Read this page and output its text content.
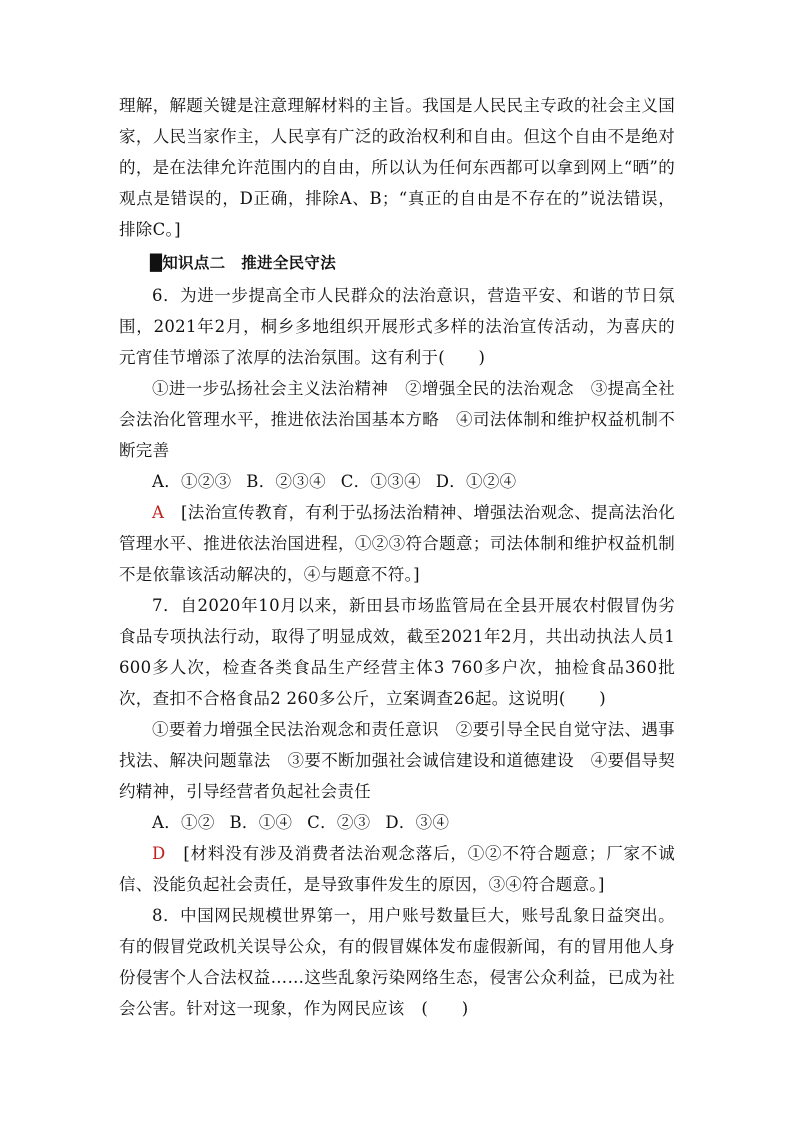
理解，解题关键是注意理解材料的主旨。我国是人民民主专政的社会主义国家，人民当家作主，人民享有广泛的政治权利和自由。但这个自由不是绝对的，是在法律允许范围内的自由，所以认为任何东西都可以拿到网上“晒”的观点是错误的，D正确，排除A、B；“真正的自由是不存在的”说法错误，排除C。]

█知识点二　推进全民守法

6．为进一步提高全市人民群众的法治意识，营造平安、和谐的节日氛围，2021年2月，桐乡多地组织开展形式多样的法治宣传活动，为喜庆的元宵佳节增添了浓厚的法治氛围。这有利于(　　)

①进一步弘扬社会主义法治精神　②增强全民的法治观念　③提高全社会法治化管理水平，推进依法治国基本方略　④司法体制和维护权益机制不断完善

A．①②③ B．②③④ C．①③④ D．①②④

A　 [法治宣传教育，有利于弘扬法治精神、增强法治观念、提高法治化管理水平、推进依法治国进程，①②③符合题意；司法体制和维护权益机制不是依靠该活动解决的，④与题意不符。]

7．自2020年10月以来，新田县市场监管局在全县开展农村假冒伪劣食品专项执法行动，取得了明显成效，截至2021年2月，共出动执法人员1 600多人次，检查各类食品生产经营主体3 760多户次，抽检食品360批次，查扣不合格食品2 260多公斤，立案调查26起。这说明(　　)

①要着力增强全民法治观念和责任意识　②要引导全民自觉守法、遇事找法、解决问题靠法　③要不断加强社会诚信建设和道德建设　④要倡导契约精神，引导经营者负起社会责任

A．①② B．①④ C．②③ D．③④

D　 [材料没有涉及消费者法治观念落后，①②不符合题意；厂家不诚信、没能负起社会责任，是导致事件发生的原因，③④符合题意。]

8．中国网民规模世界第一，用户账号数量巨大，账号乱象日益突出。有的假冒党政机关误导公众，有的假冒媒体发布虚假新闻，有的冒用他人身份侵害个人合法权益……这些乱象污染网络生态，侵害公众利益，已成为社会公害。针对这一现象，作为网民应该　(　　)
